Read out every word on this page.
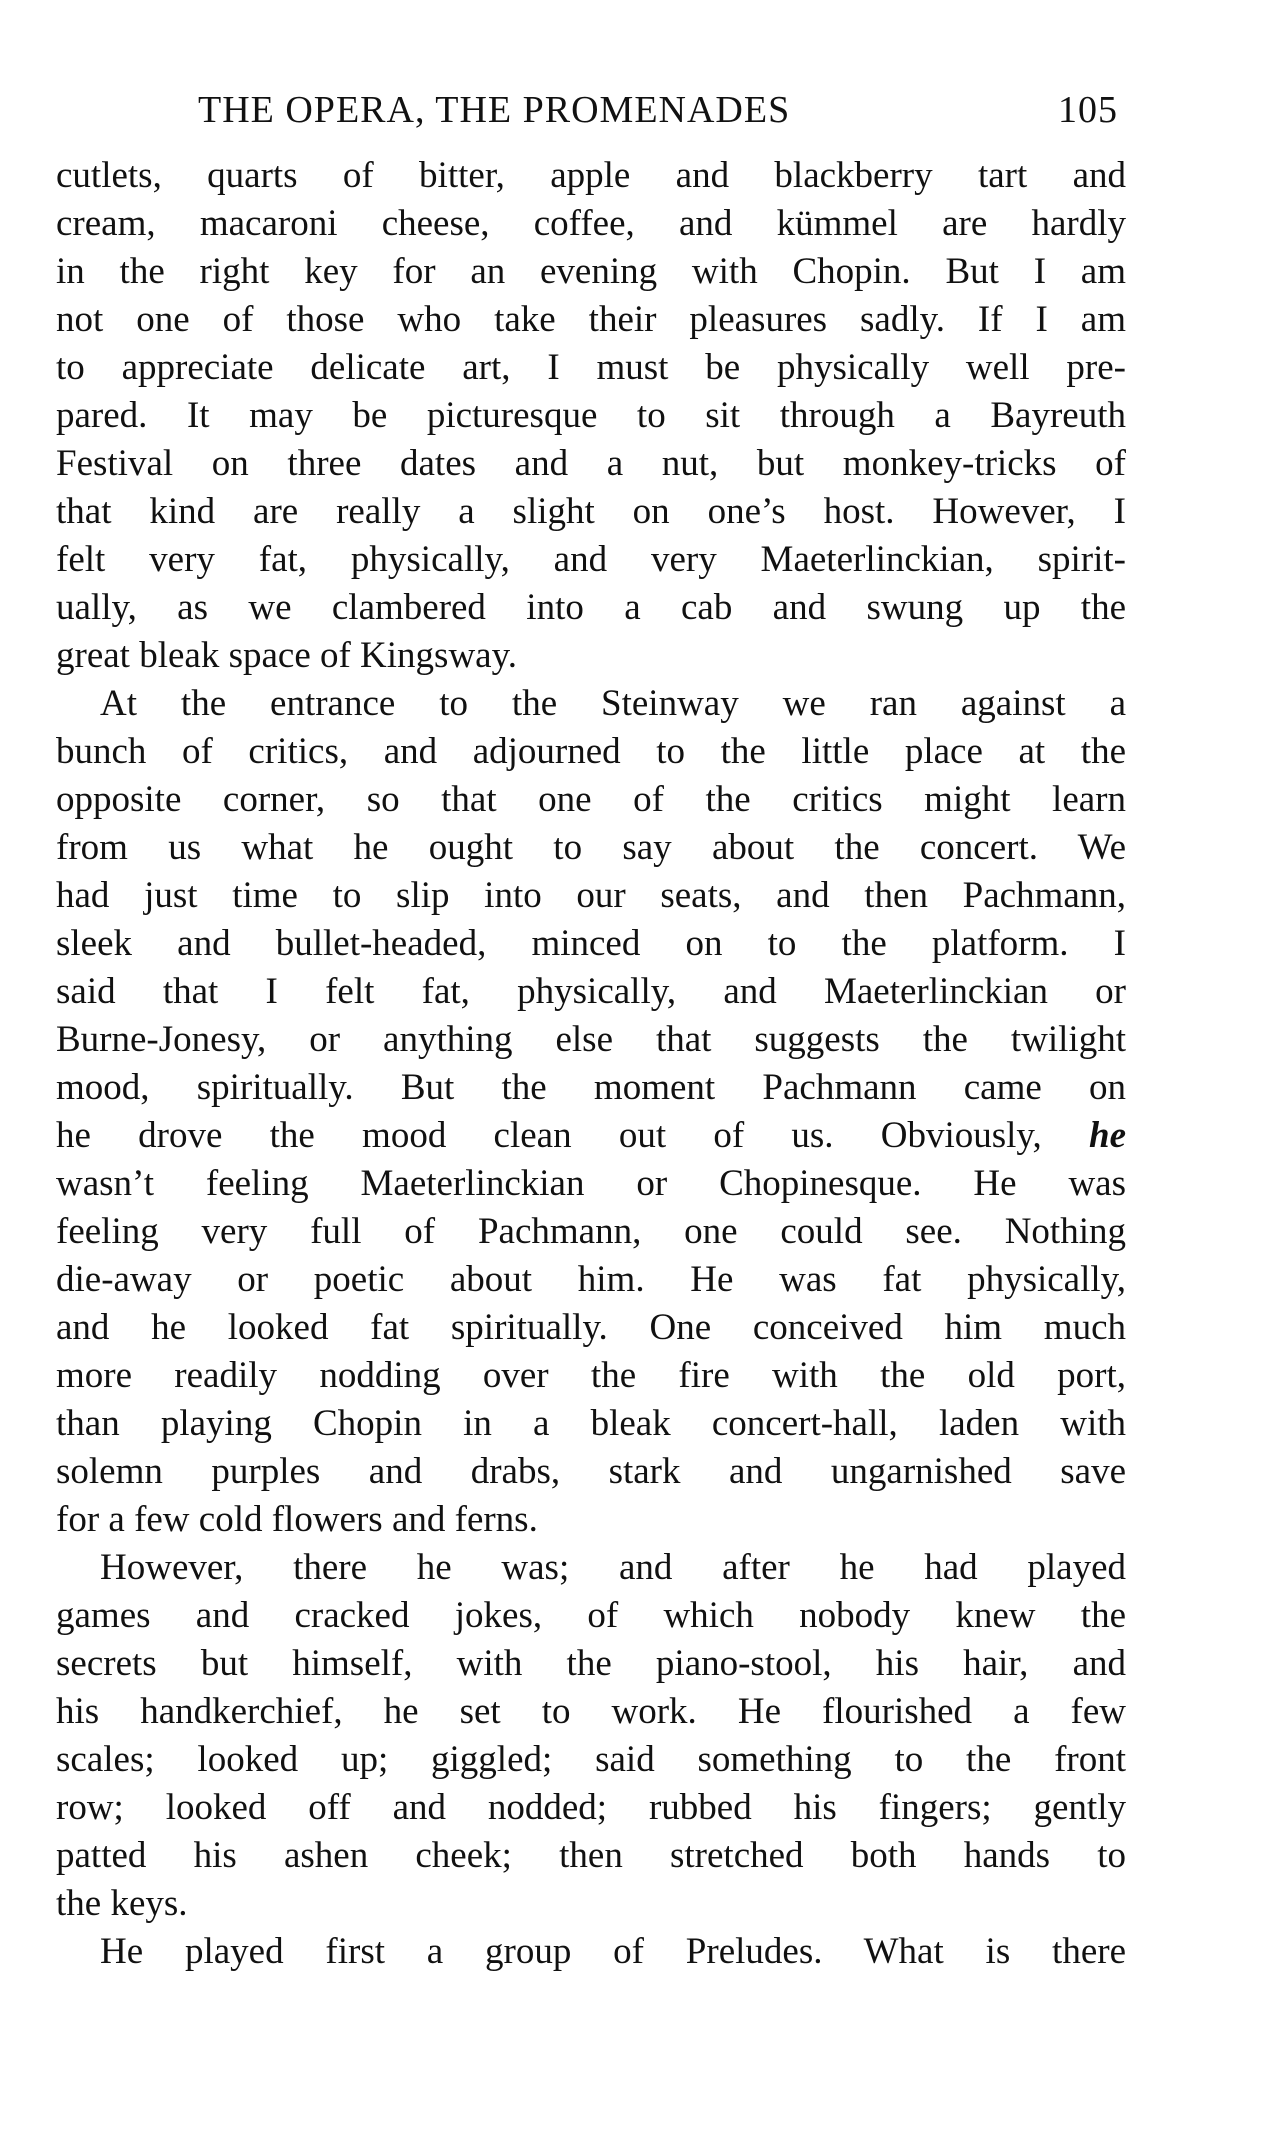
THE OPERA, THE PROMENADES	105
cutlets, quarts of bitter, apple and blackberry tart and
cream, macaroni cheese, coffee, and kümmel are hardly
in the right key for an evening with Chopin. But I am
not one of those who take their pleasures sadly. If I am
to appreciate delicate art, I must be physically well pre-
pared. It may be picturesque to sit through a Bayreuth
Festival on three dates and a nut, but monkey-tricks of
that kind are really a slight on one’s host. However, I
felt very fat, physically, and very Maeterlinckian, spirit-
ually, as we clambered into a cab and swung up the
great bleak space of Kingsway.
At the entrance to the Steinway we ran against a
bunch of critics, and adjourned to the little place at the
opposite corner, so that one of the critics might learn
from us what he ought to say about the concert. We
had just time to slip into our seats, and then Pachmann,
sleek and bullet-headed, minced on to the platform. I
said that I felt fat, physically, and Maeterlinckian or
Burne-Jonesy, or anything else that suggests the twilight
mood, spiritually. But the moment Pachmann came on
he drove the mood clean out of us. Obviously, he
wasn’t feeling Maeterlinckian or Chopinesque. He was
feeling very full of Pachmann, one could see. Nothing
die-away or poetic about him. He was fat physically,
and he looked fat spiritually. One conceived him much
more readily nodding over the fire with the old port,
than playing Chopin in a bleak concert-hall, laden with
solemn purples and drabs, stark and ungarnished save
for a few cold flowers and ferns.
However, there he was; and after he had played
games and cracked jokes, of which nobody knew the
secrets but himself, with the piano-stool, his hair, and
his handkerchief, he set to work. He flourished a few
scales; looked up; giggled; said something to the front
row; looked off and nodded; rubbed his fingers; gently
patted his ashen cheek; then stretched both hands to
the keys.
He played first a group of Preludes. What is there
